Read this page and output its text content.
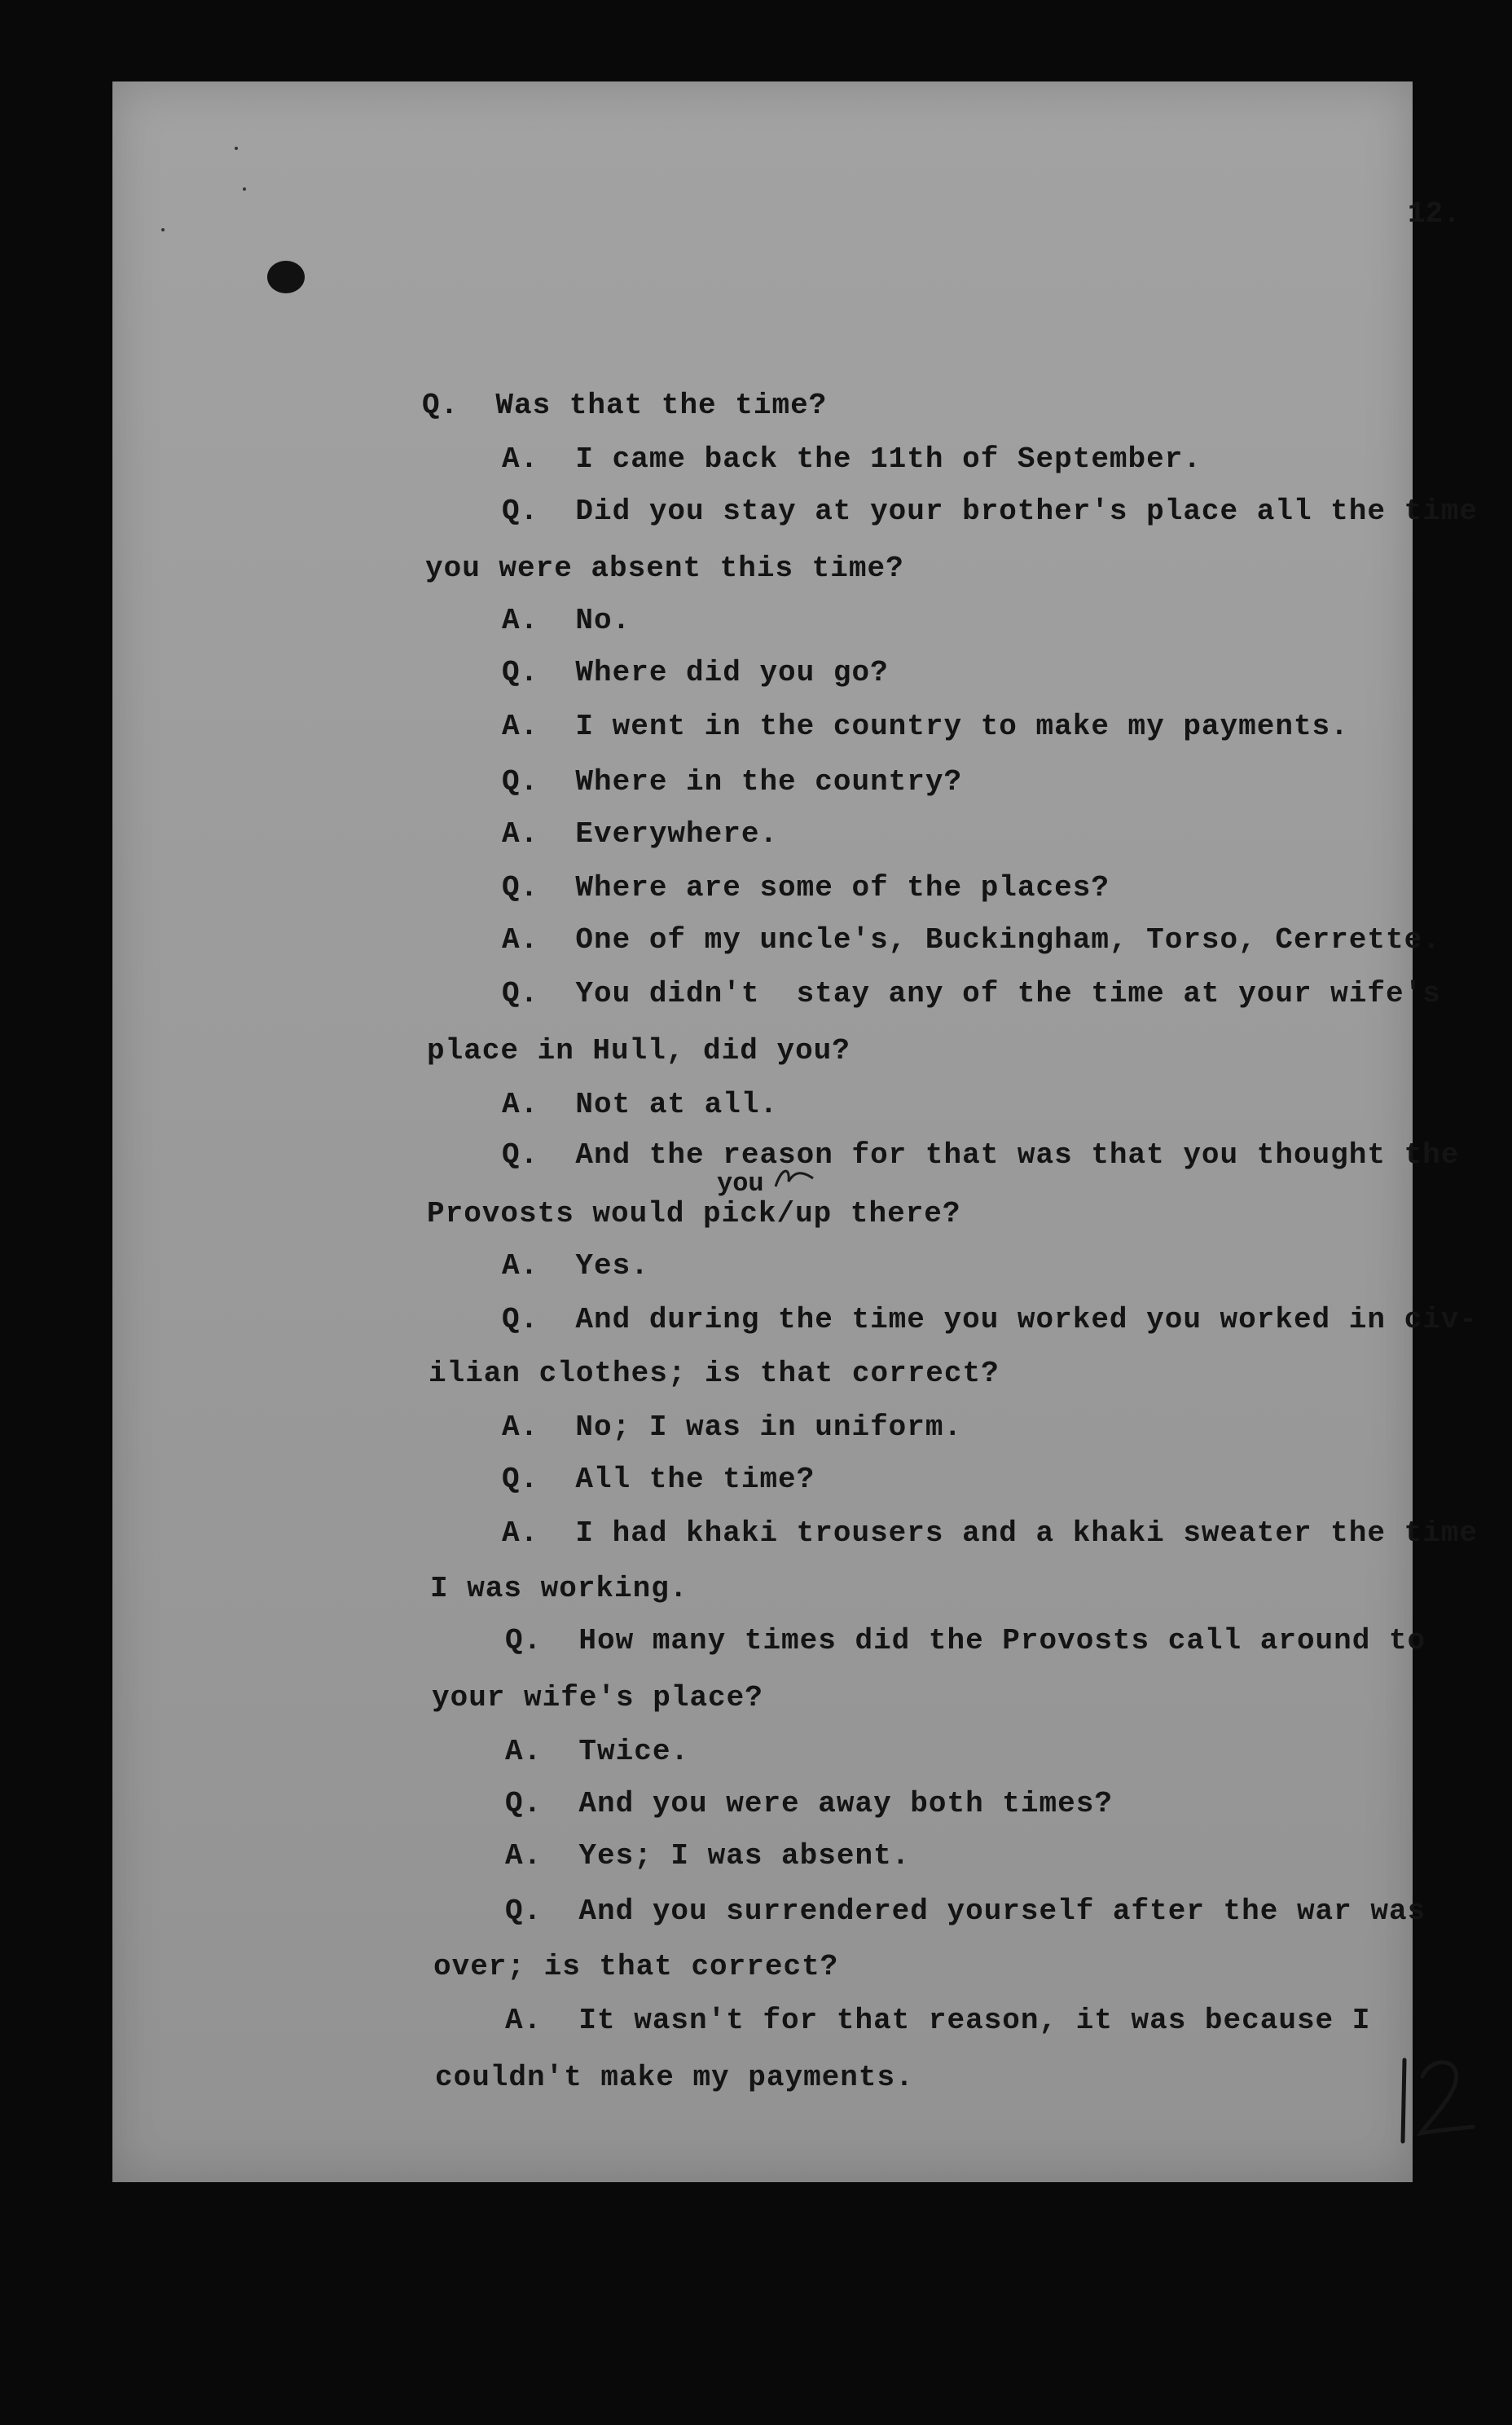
12.
Q.  Was that the time?
A.  I came back the 11th of September.
Q.  Did you stay at your brother's place all the time
you were absent this time?
A.  No.
Q.  Where did you go?
A.  I went in the country to make my payments.
Q.  Where in the country?
A.  Everywhere.
Q.  Where are some of the places?
A.  One of my uncle's, Buckingham, Torso, Cerrette.
Q.  You didn't  stay any of the time at your wife's
place in Hull, did you?
A.  Not at all.
Q.  And the reason for that was that you thought the
you
Provosts would pick/up there?
A.  Yes.
Q.  And during the time you worked you worked in civ-
ilian clothes; is that correct?
A.  No; I was in uniform.
Q.  All the time?
A.  I had khaki trousers and a khaki sweater the time
I was working.
Q.  How many times did the Provosts call around to
your wife's place?
A.  Twice.
Q.  And you were away both times?
A.  Yes; I was absent.
Q.  And you surrendered yourself after the war was
over; is that correct?
A.  It wasn't for that reason, it was because I
couldn't make my payments.
